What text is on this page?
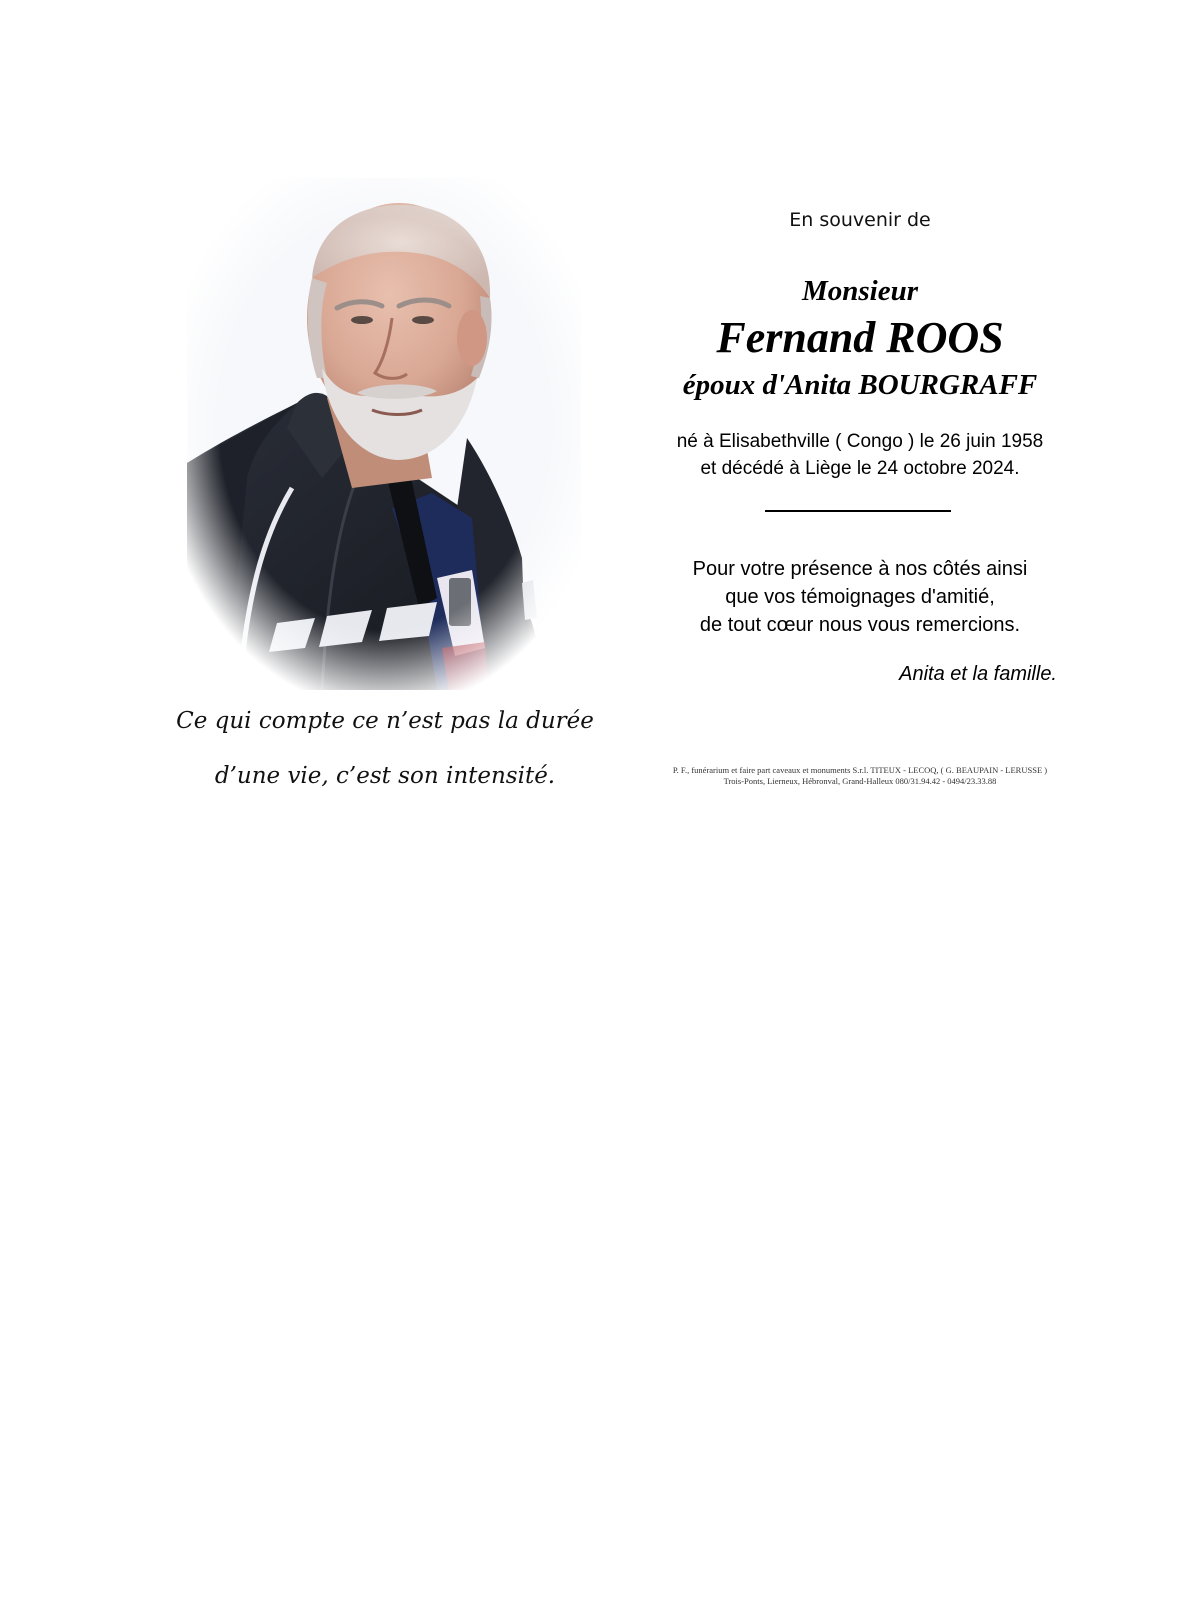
Ce qui compte ce n’est pas la durée
d’une vie, c’est son intensité.
En souvenir de
Monsieur
Fernand ROOS
époux d'Anita BOURGRAFF
né à Elisabethville ( Congo ) le 26 juin 1958
et décédé à Liège le 24 octobre 2024.
Pour votre présence à nos côtés ainsi
que vos témoignages d'amitié,
de tout cœur nous vous remercions.
Anita et la famille.
P. F., funérarium et faire part caveaux et monuments S.r.l. TITEUX - LECOQ, ( G. BEAUPAIN - LERUSSE )
Trois-Ponts, Lierneux, Hébronval, Grand-Halleux 080/31.94.42 - 0494/23.33.88
